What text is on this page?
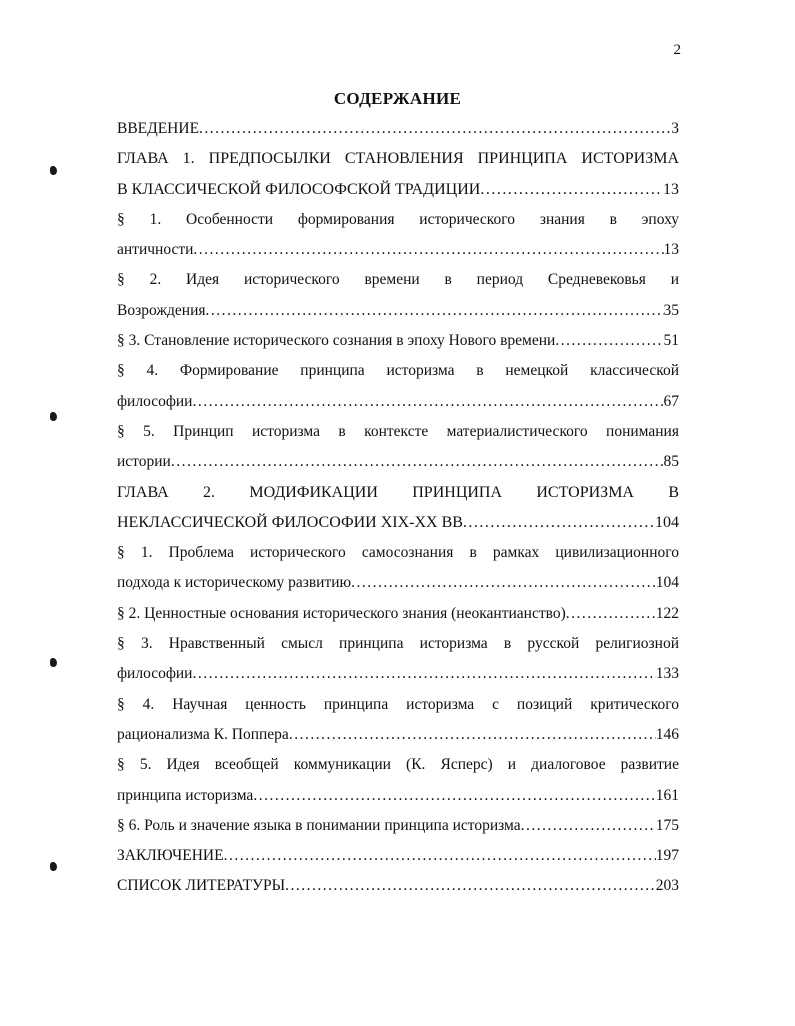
2
СОДЕРЖАНИЕ
ВВЕДЕНИЕ .....	3
ГЛАВА 1. ПРЕДПОСЫЛКИ СТАНОВЛЕНИЯ ПРИНЦИПА ИСТОРИЗМА
В КЛАССИЧЕСКОЙ ФИЛОСОФСКОЙ ТРАДИЦИИ .....	13
§ 1. Особенности формирования исторического знания в эпоху
античности .....	13
§ 2. Идея исторического времени в период Средневековья и
Возрождения .....	35
§ 3. Становление исторического сознания в эпоху Нового времени .....	51
§ 4. Формирование принципа историзма в немецкой классической
философии .....	67
§ 5. Принцип историзма в контексте материалистического понимания
истории .....	85
ГЛАВА 2. МОДИФИКАЦИИ ПРИНЦИПА ИСТОРИЗМА В
НЕКЛАССИЧЕСКОЙ ФИЛОСОФИИ XIX-XX ВВ .....	104
§ 1. Проблема исторического самосознания в рамках цивилизационного
подхода к историческому развитию .....	104
§ 2. Ценностные основания исторического знания (неокантианство) .....	122
§ 3. Нравственный смысл принципа историзма в русской религиозной
философии .....	133
§ 4. Научная ценность принципа историзма с позиций критического
рационализма К. Поппера .....	146
§ 5. Идея всеобщей коммуникации (К. Ясперс) и диалоговое развитие
принципа историзма .....	161
§ 6. Роль и значение языка в понимании принципа историзма .....	175
ЗАКЛЮЧЕНИЕ .....	197
СПИСОК ЛИТЕРАТУРЫ .....	203
